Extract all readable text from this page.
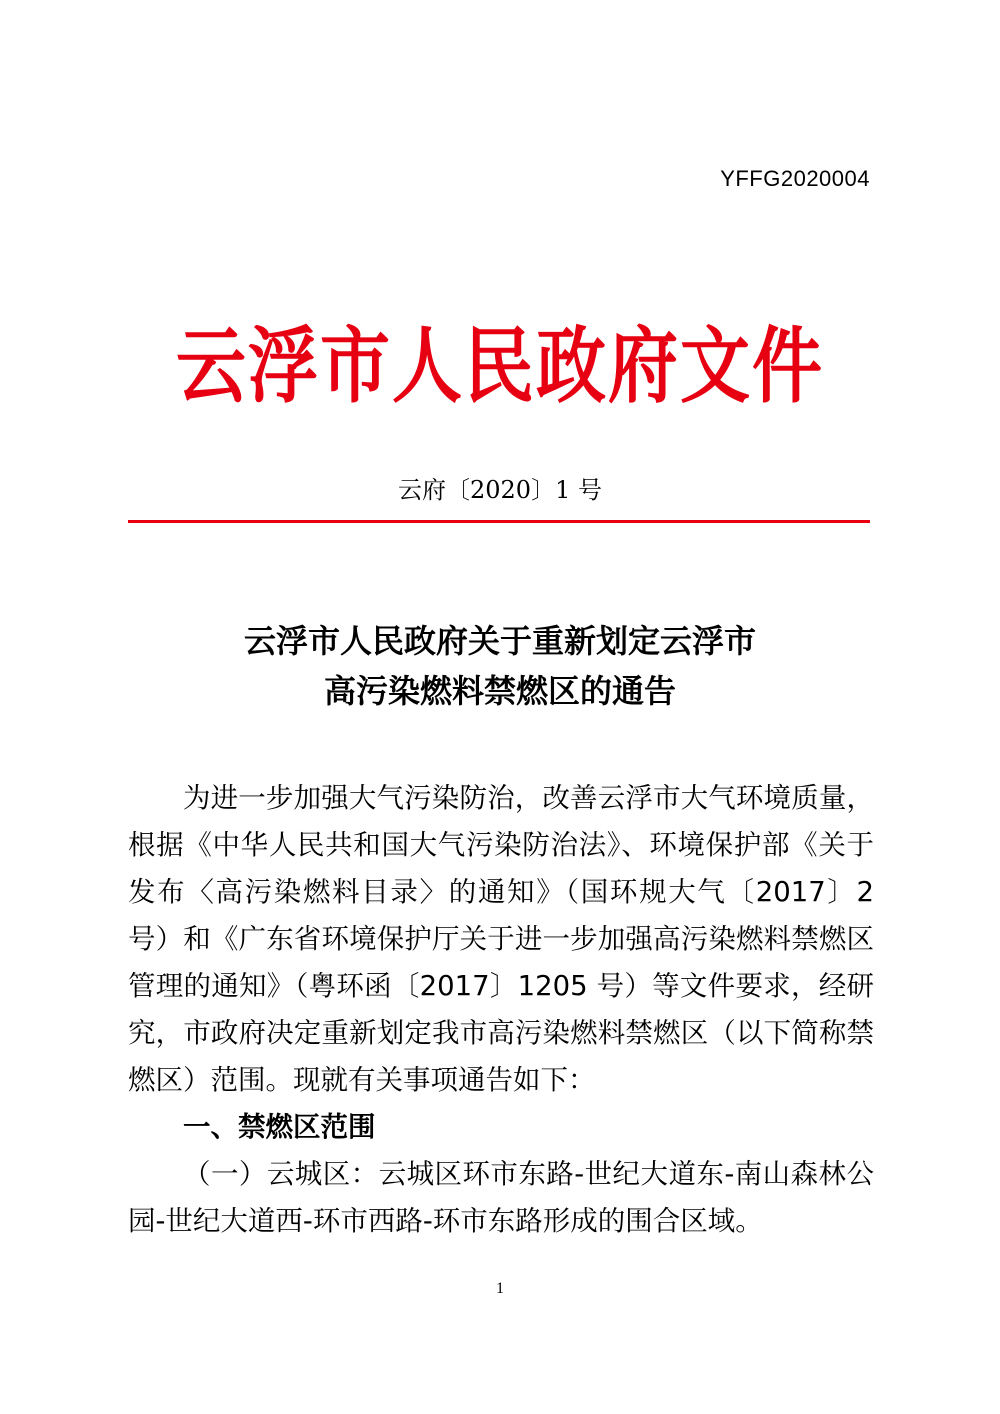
YFFG2020004
云浮市人民政府文件
云府〔2020〕1 号
云浮市人民政府关于重新划定云浮市
高污染燃料禁燃区的通告

为进一步加强大气污染防治，改善云浮市大气环境质量，根据《中华人民共和国大气污染防治法》、环境保护部《关于发布〈高污染燃料目录〉的通知》（国环规大气〔2017〕2 号）和《广东省环境保护厅关于进一步加强高污染燃料禁燃区管理的通知》（粤环函〔2017〕1205 号）等文件要求，经研究，市政府决定重新划定我市高污染燃料禁燃区（以下简称禁燃区）范围。现就有关事项通告如下：

一、禁燃区范围

（一）云城区：云城区环市东路-世纪大道东-南山森林公园-世纪大道西-环市西路-环市东路形成的围合区域。

1
